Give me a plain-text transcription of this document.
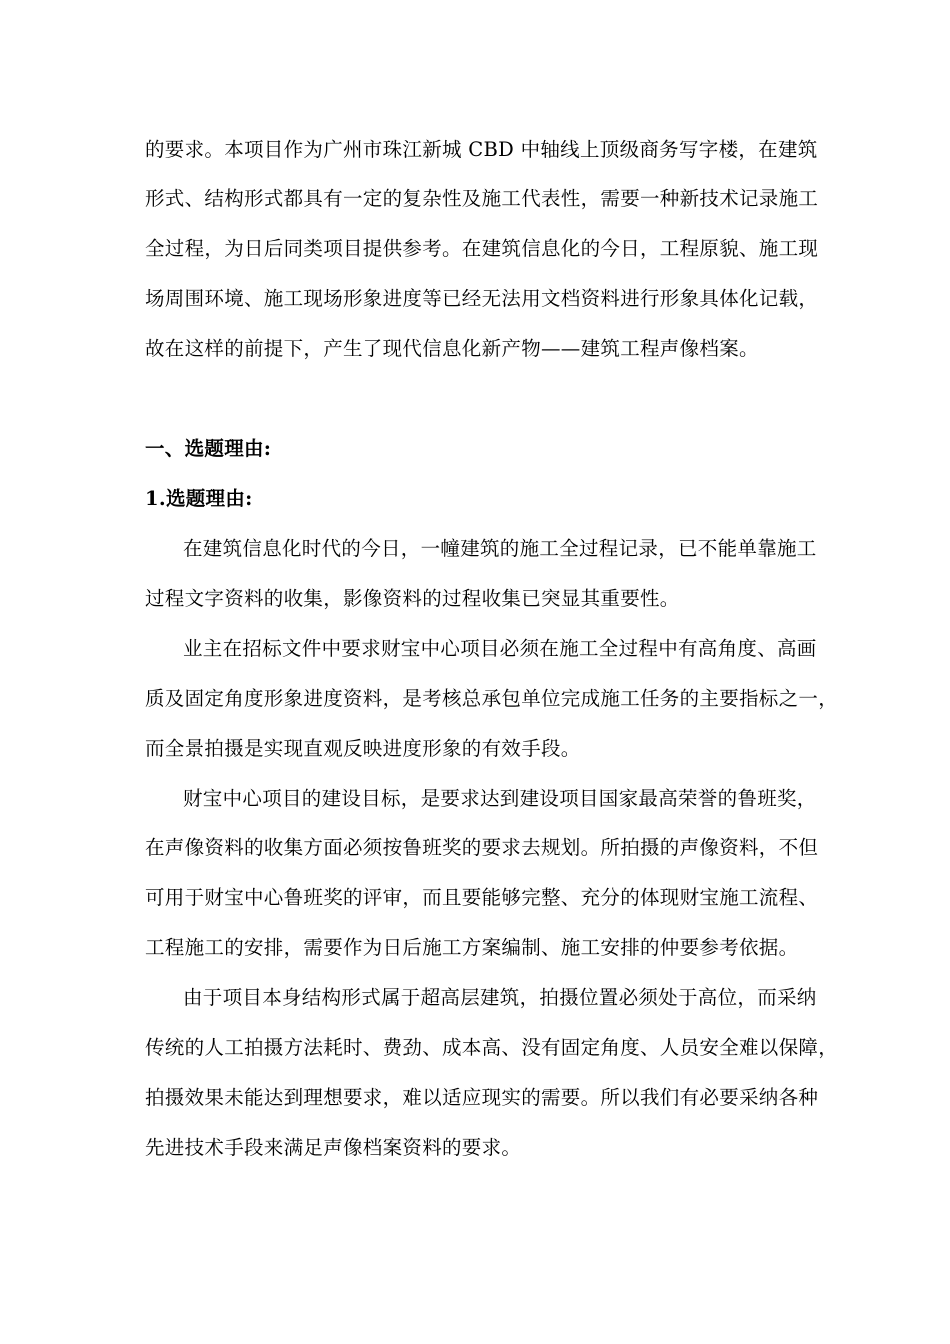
的要求。本项目作为广州市珠江新城 CBD 中轴线上顶级商务写字楼，在建筑
形式、结构形式都具有一定的复杂性及施工代表性，需要一种新技术记录施工
全过程，为日后同类项目提供参考。在建筑信息化的今日，工程原貌、施工现
场周围环境、施工现场形象进度等已经无法用文档资料进行形象具体化记载，
故在这样的前提下，产生了现代信息化新产物——建筑工程声像档案。
一、选题理由:
1.选题理由:
在建筑信息化时代的今日，一幢建筑的施工全过程记录，已不能单靠施工
过程文字资料的收集，影像资料的过程收集已突显其重要性。
业主在招标文件中要求财宝中心项目必须在施工全过程中有高角度、高画
质及固定角度形象进度资料，是考核总承包单位完成施工任务的主要指标之一，
而全景拍摄是实现直观反映进度形象的有效手段。
财宝中心项目的建设目标，是要求达到建设项目国家最高荣誉的鲁班奖，
在声像资料的收集方面必须按鲁班奖的要求去规划。所拍摄的声像资料，不但
可用于财宝中心鲁班奖的评审，而且要能够完整、充分的体现财宝施工流程、
工程施工的安排，需要作为日后施工方案编制、施工安排的仲要参考依据。
由于项目本身结构形式属于超高层建筑，拍摄位置必须处于高位，而采纳
传统的人工拍摄方法耗时、费劲、成本高、没有固定角度、人员安全难以保障，
拍摄效果未能达到理想要求，难以适应现实的需要。所以我们有必要采纳各种
先进技术手段来满足声像档案资料的要求。
